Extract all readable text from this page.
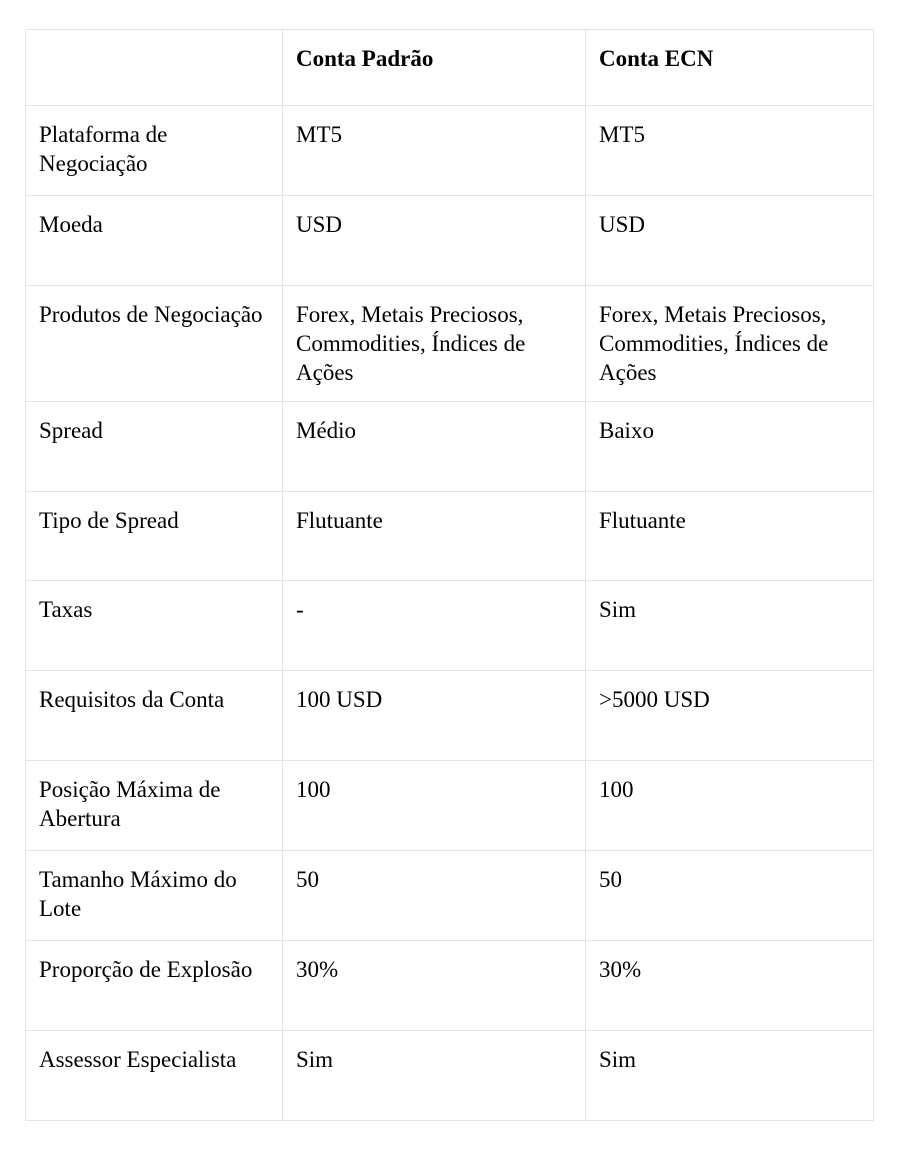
	Conta Padrão	Conta ECN
Plataforma de Negociação	MT5	MT5
Moeda	USD	USD
Produtos de Negociação	Forex, Metais Preciosos, Commodities, Índices de Ações	Forex, Metais Preciosos, Commodities, Índices de Ações
Spread	Médio	Baixo
Tipo de Spread	Flutuante	Flutuante
Taxas	-	Sim
Requisitos da Conta	100 USD	>5000 USD
Posição Máxima de Abertura	100	100
Tamanho Máximo do Lote	50	50
Proporção de Explosão	30%	30%
Assessor Especialista	Sim	Sim
